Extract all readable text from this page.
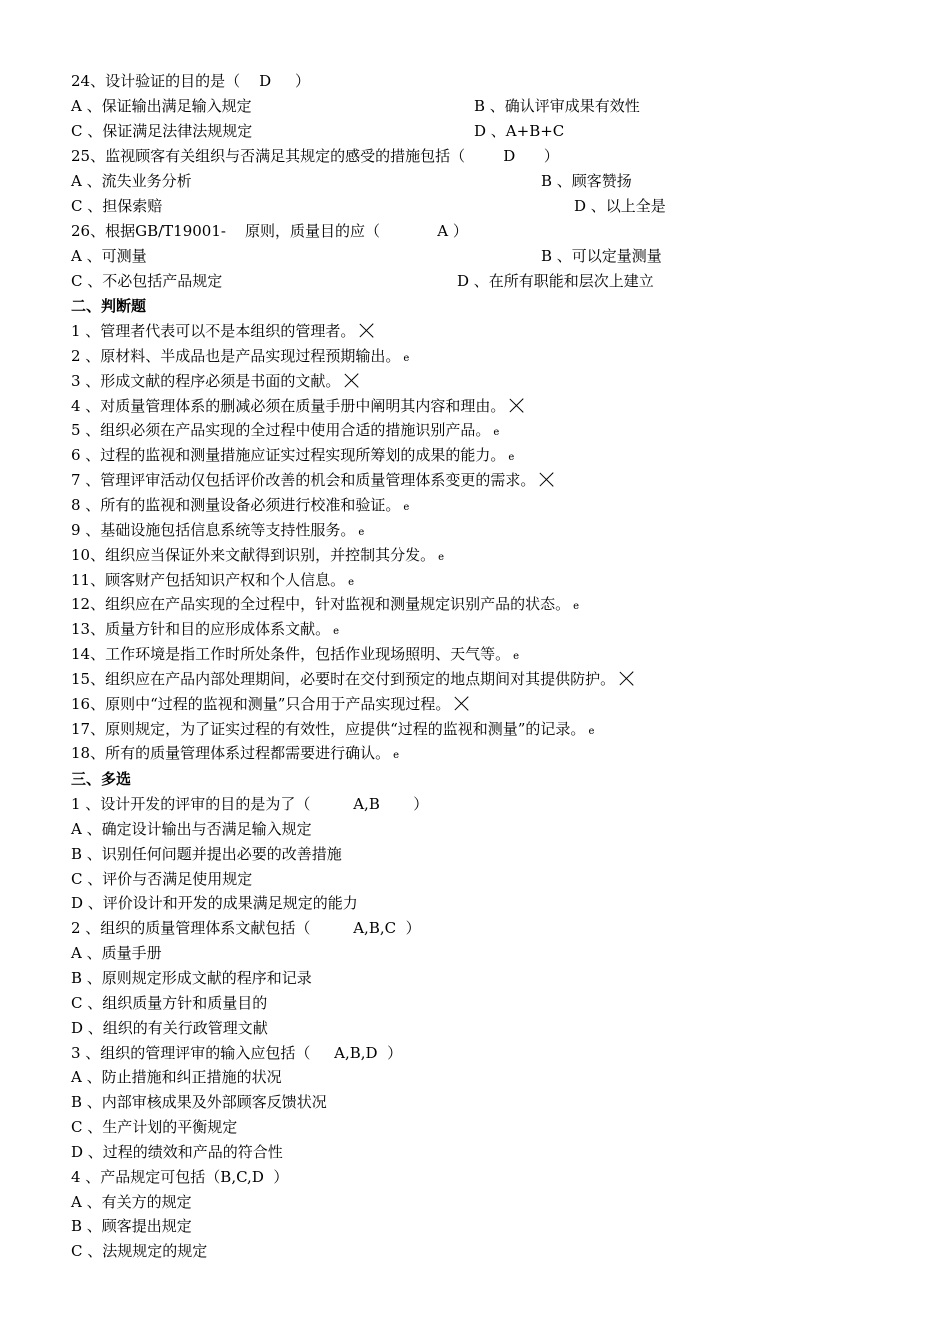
24、设计验证的目的是（    D     ）
A 、保证输出满足输入规定	B 、确认评审成果有效性
C 、保证满足法律法规规定	D 、A+B+C
25、监视顾客有关组织与否满足其规定的感受的措施包括（        D      ）
A 、流失业务分析	B 、顾客赞扬
C 、担保索赔	D 、以上全是
26、根据GB/T19001-    原则，质量目的应（            A ）
A 、可测量	B 、可以定量测量
C 、不必包括产品规定	D 、在所有职能和层次上建立
二、判断题
1 、管理者代表可以不是本组织的管理者。
2 、原材料、半成品也是产品实现过程预期输出。 e
3 、形成文献的程序必须是书面的文献。
4 、对质量管理体系的删减必须在质量手册中阐明其内容和理由。
5 、组织必须在产品实现的全过程中使用合适的措施识别产品。 e
6 、过程的监视和测量措施应证实过程实现所筹划的成果的能力。 e
7 、管理评审活动仅包括评价改善的机会和质量管理体系变更的需求。
8 、所有的监视和测量设备必须进行校准和验证。 e
9 、基础设施包括信息系统等支持性服务。 e
10、组织应当保证外来文献得到识别，并控制其分发。 e
11、顾客财产包括知识产权和个人信息。 e
12、组织应在产品实现的全过程中，针对监视和测量规定识别产品的状态。 e
13、质量方针和目的应形成体系文献。 e
14、工作环境是指工作时所处条件，包括作业现场照明、天气等。 e
15、组织应在产品内部处理期间，必要时在交付到预定的地点期间对其提供防护。
16、原则中“过程的监视和测量”只合用于产品实现过程。
17、原则规定，为了证实过程的有效性，应提供“过程的监视和测量”的记录。 e
18、所有的质量管理体系过程都需要进行确认。 e
三、多选
1 、设计开发的评审的目的是为了（         A,B       ）
A 、确定设计输出与否满足输入规定
B 、识别任何问题并提出必要的改善措施
C 、评价与否满足使用规定
D 、评价设计和开发的成果满足规定的能力
2 、组织的质量管理体系文献包括（         A,B,C  ）
A 、质量手册
B 、原则规定形成文献的程序和记录
C 、组织质量方针和质量目的
D 、组织的有关行政管理文献
3 、组织的管理评审的输入应包括（     A,B,D  ）
A 、防止措施和纠正措施的状况
B 、内部审核成果及外部顾客反馈状况
C 、生产计划的平衡规定
D 、过程的绩效和产品的符合性
4 、产品规定可包括（B,C,D  ）
A 、有关方的规定
B 、顾客提出规定
C 、法规规定的规定
